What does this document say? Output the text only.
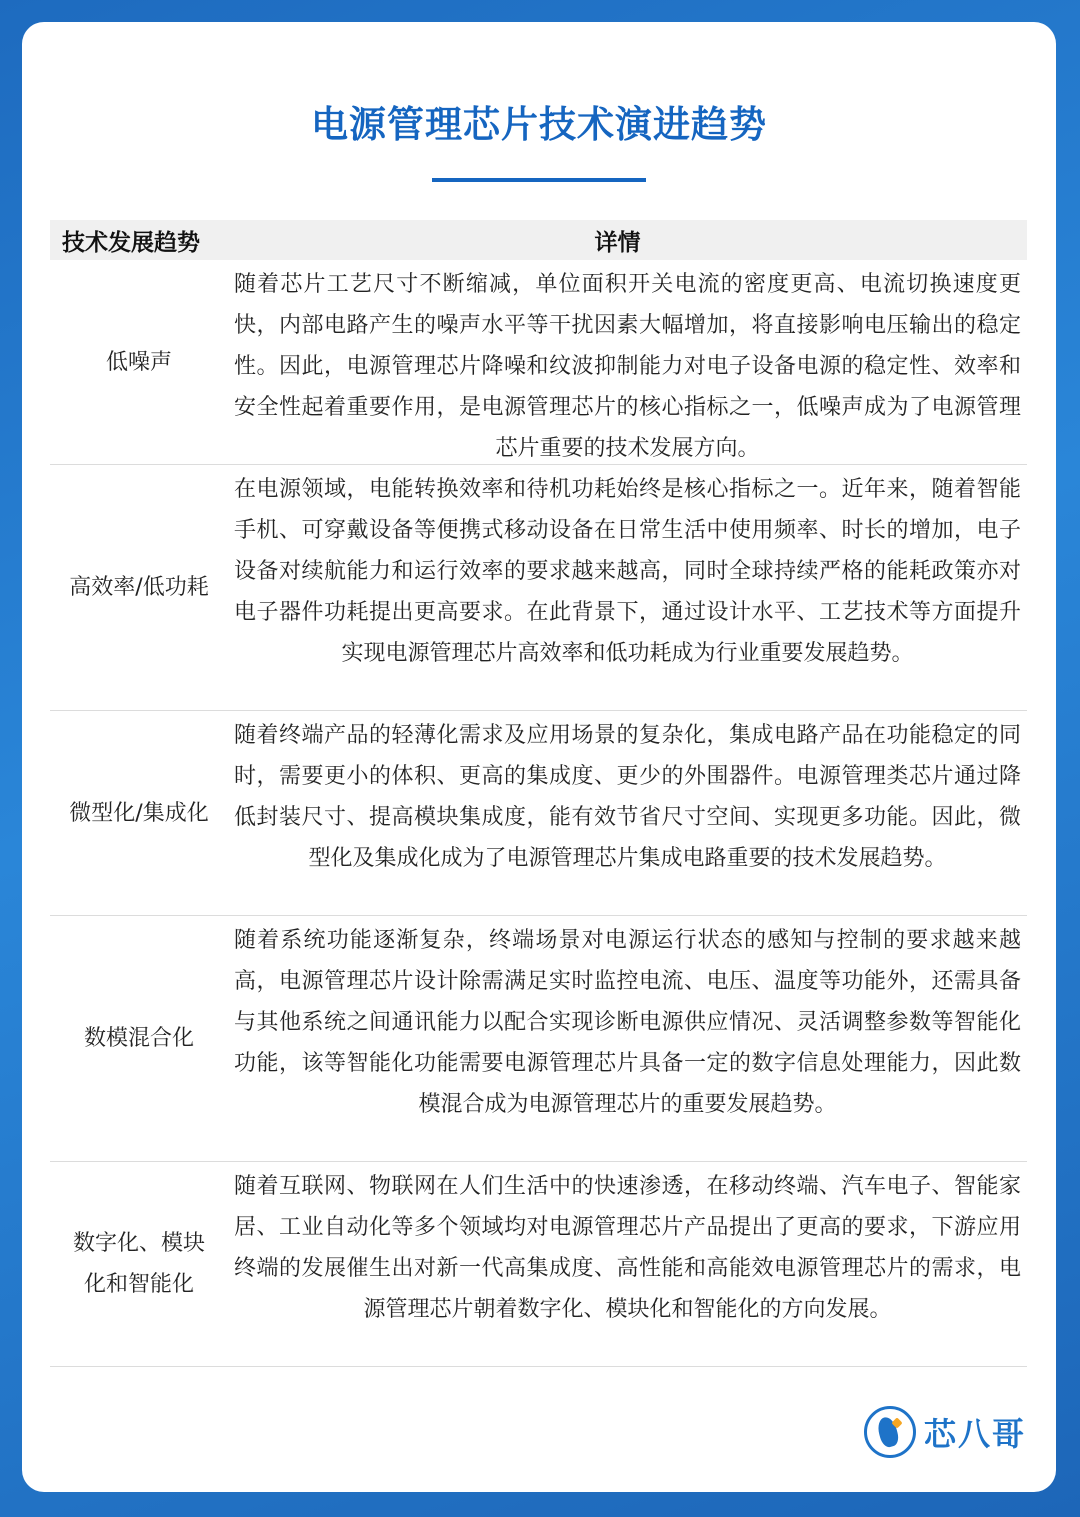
电源管理芯片技术演进趋势
技术发展趋势	详情
低噪声
随着芯片工艺尺寸不断缩减，单位面积开关电流的密度更高、电流切换速度更快，内部电路产生的噪声水平等干扰因素大幅增加，将直接影响电压输出的稳定性。因此，电源管理芯片降噪和纹波抑制能力对电子设备电源的稳定性、效率和安全性起着重要作用，是电源管理芯片的核心指标之一，低噪声成为了电源管理芯片重要的技术发展方向。
高效率/低功耗
在电源领域，电能转换效率和待机功耗始终是核心指标之一。近年来，随着智能手机、可穿戴设备等便携式移动设备在日常生活中使用频率、时长的增加，电子设备对续航能力和运行效率的要求越来越高，同时全球持续严格的能耗政策亦对电子器件功耗提出更高要求。在此背景下，通过设计水平、工艺技术等方面提升实现电源管理芯片高效率和低功耗成为行业重要发展趋势。
微型化/集成化
随着终端产品的轻薄化需求及应用场景的复杂化，集成电路产品在功能稳定的同时，需要更小的体积、更高的集成度、更少的外围器件。电源管理类芯片通过降低封装尺寸、提高模块集成度，能有效节省尺寸空间、实现更多功能。因此，微型化及集成化成为了电源管理芯片集成电路重要的技术发展趋势。
数模混合化
随着系统功能逐渐复杂，终端场景对电源运行状态的感知与控制的要求越来越高，电源管理芯片设计除需满足实时监控电流、电压、温度等功能外，还需具备与其他系统之间通讯能力以配合实现诊断电源供应情况、灵活调整参数等智能化功能，该等智能化功能需要电源管理芯片具备一定的数字信息处理能力，因此数模混合成为电源管理芯片的重要发展趋势。
数字化、模块化和智能化
随着互联网、物联网在人们生活中的快速渗透，在移动终端、汽车电子、智能家居、工业自动化等多个领域均对电源管理芯片产品提出了更高的要求，下游应用终端的发展催生出对新一代高集成度、高性能和高能效电源管理芯片的需求，电源管理芯片朝着数字化、模块化和智能化的方向发展。
芯八哥
